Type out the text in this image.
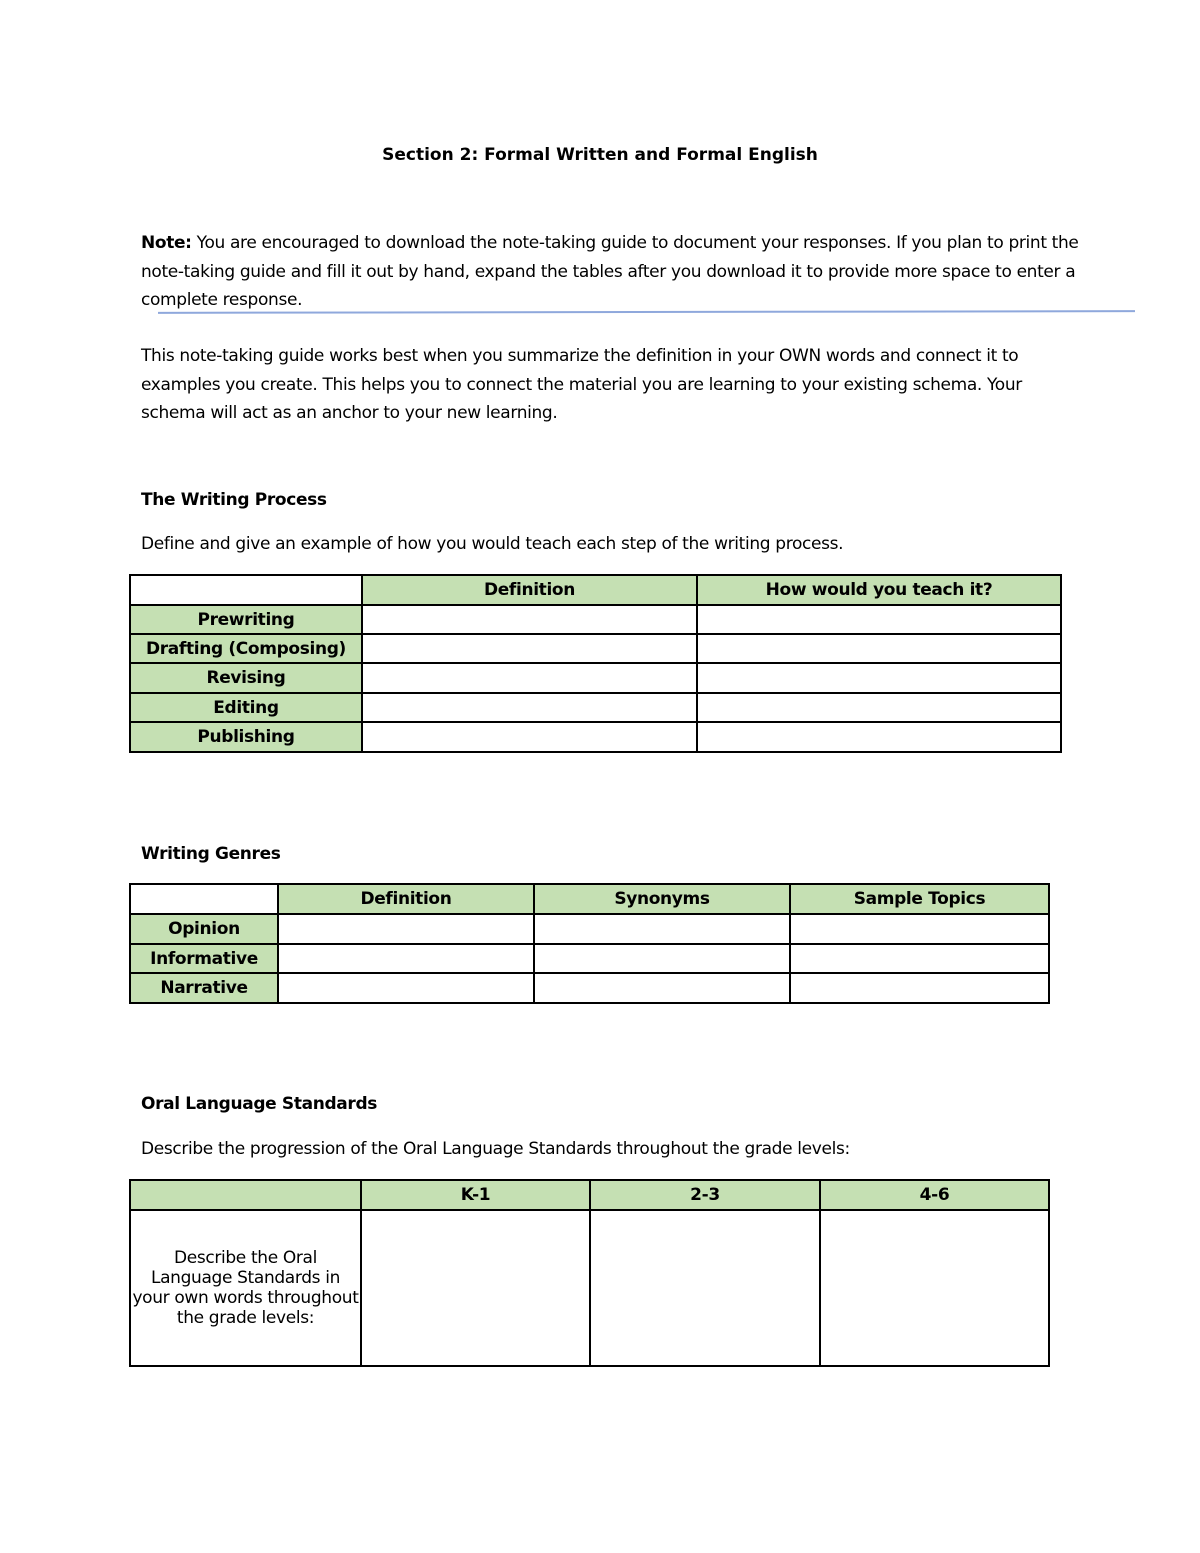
Section 2: Formal Written and Formal English
Note: You are encouraged to download the note-taking guide to document your responses. If you plan to print the note-taking guide and fill it out by hand, expand the tables after you download it to provide more space to enter a complete response.
This note-taking guide works best when you summarize the definition in your OWN words and connect it to examples you create. This helps you to connect the material you are learning to your existing schema. Your schema will act as an anchor to your new learning.
The Writing Process
Define and give an example of how you would teach each step of the writing process.
	Definition	How would you teach it?
Prewriting		
Drafting (Composing)		
Revising		
Editing		
Publishing		
Writing Genres
	Definition	Synonyms	Sample Topics
Opinion			
Informative			
Narrative			
Oral Language Standards
Describe the progression of the Oral Language Standards throughout the grade levels:
	K-1	2-3	4-6
Describe the Oral Language Standards in your own words throughout the grade levels:			
